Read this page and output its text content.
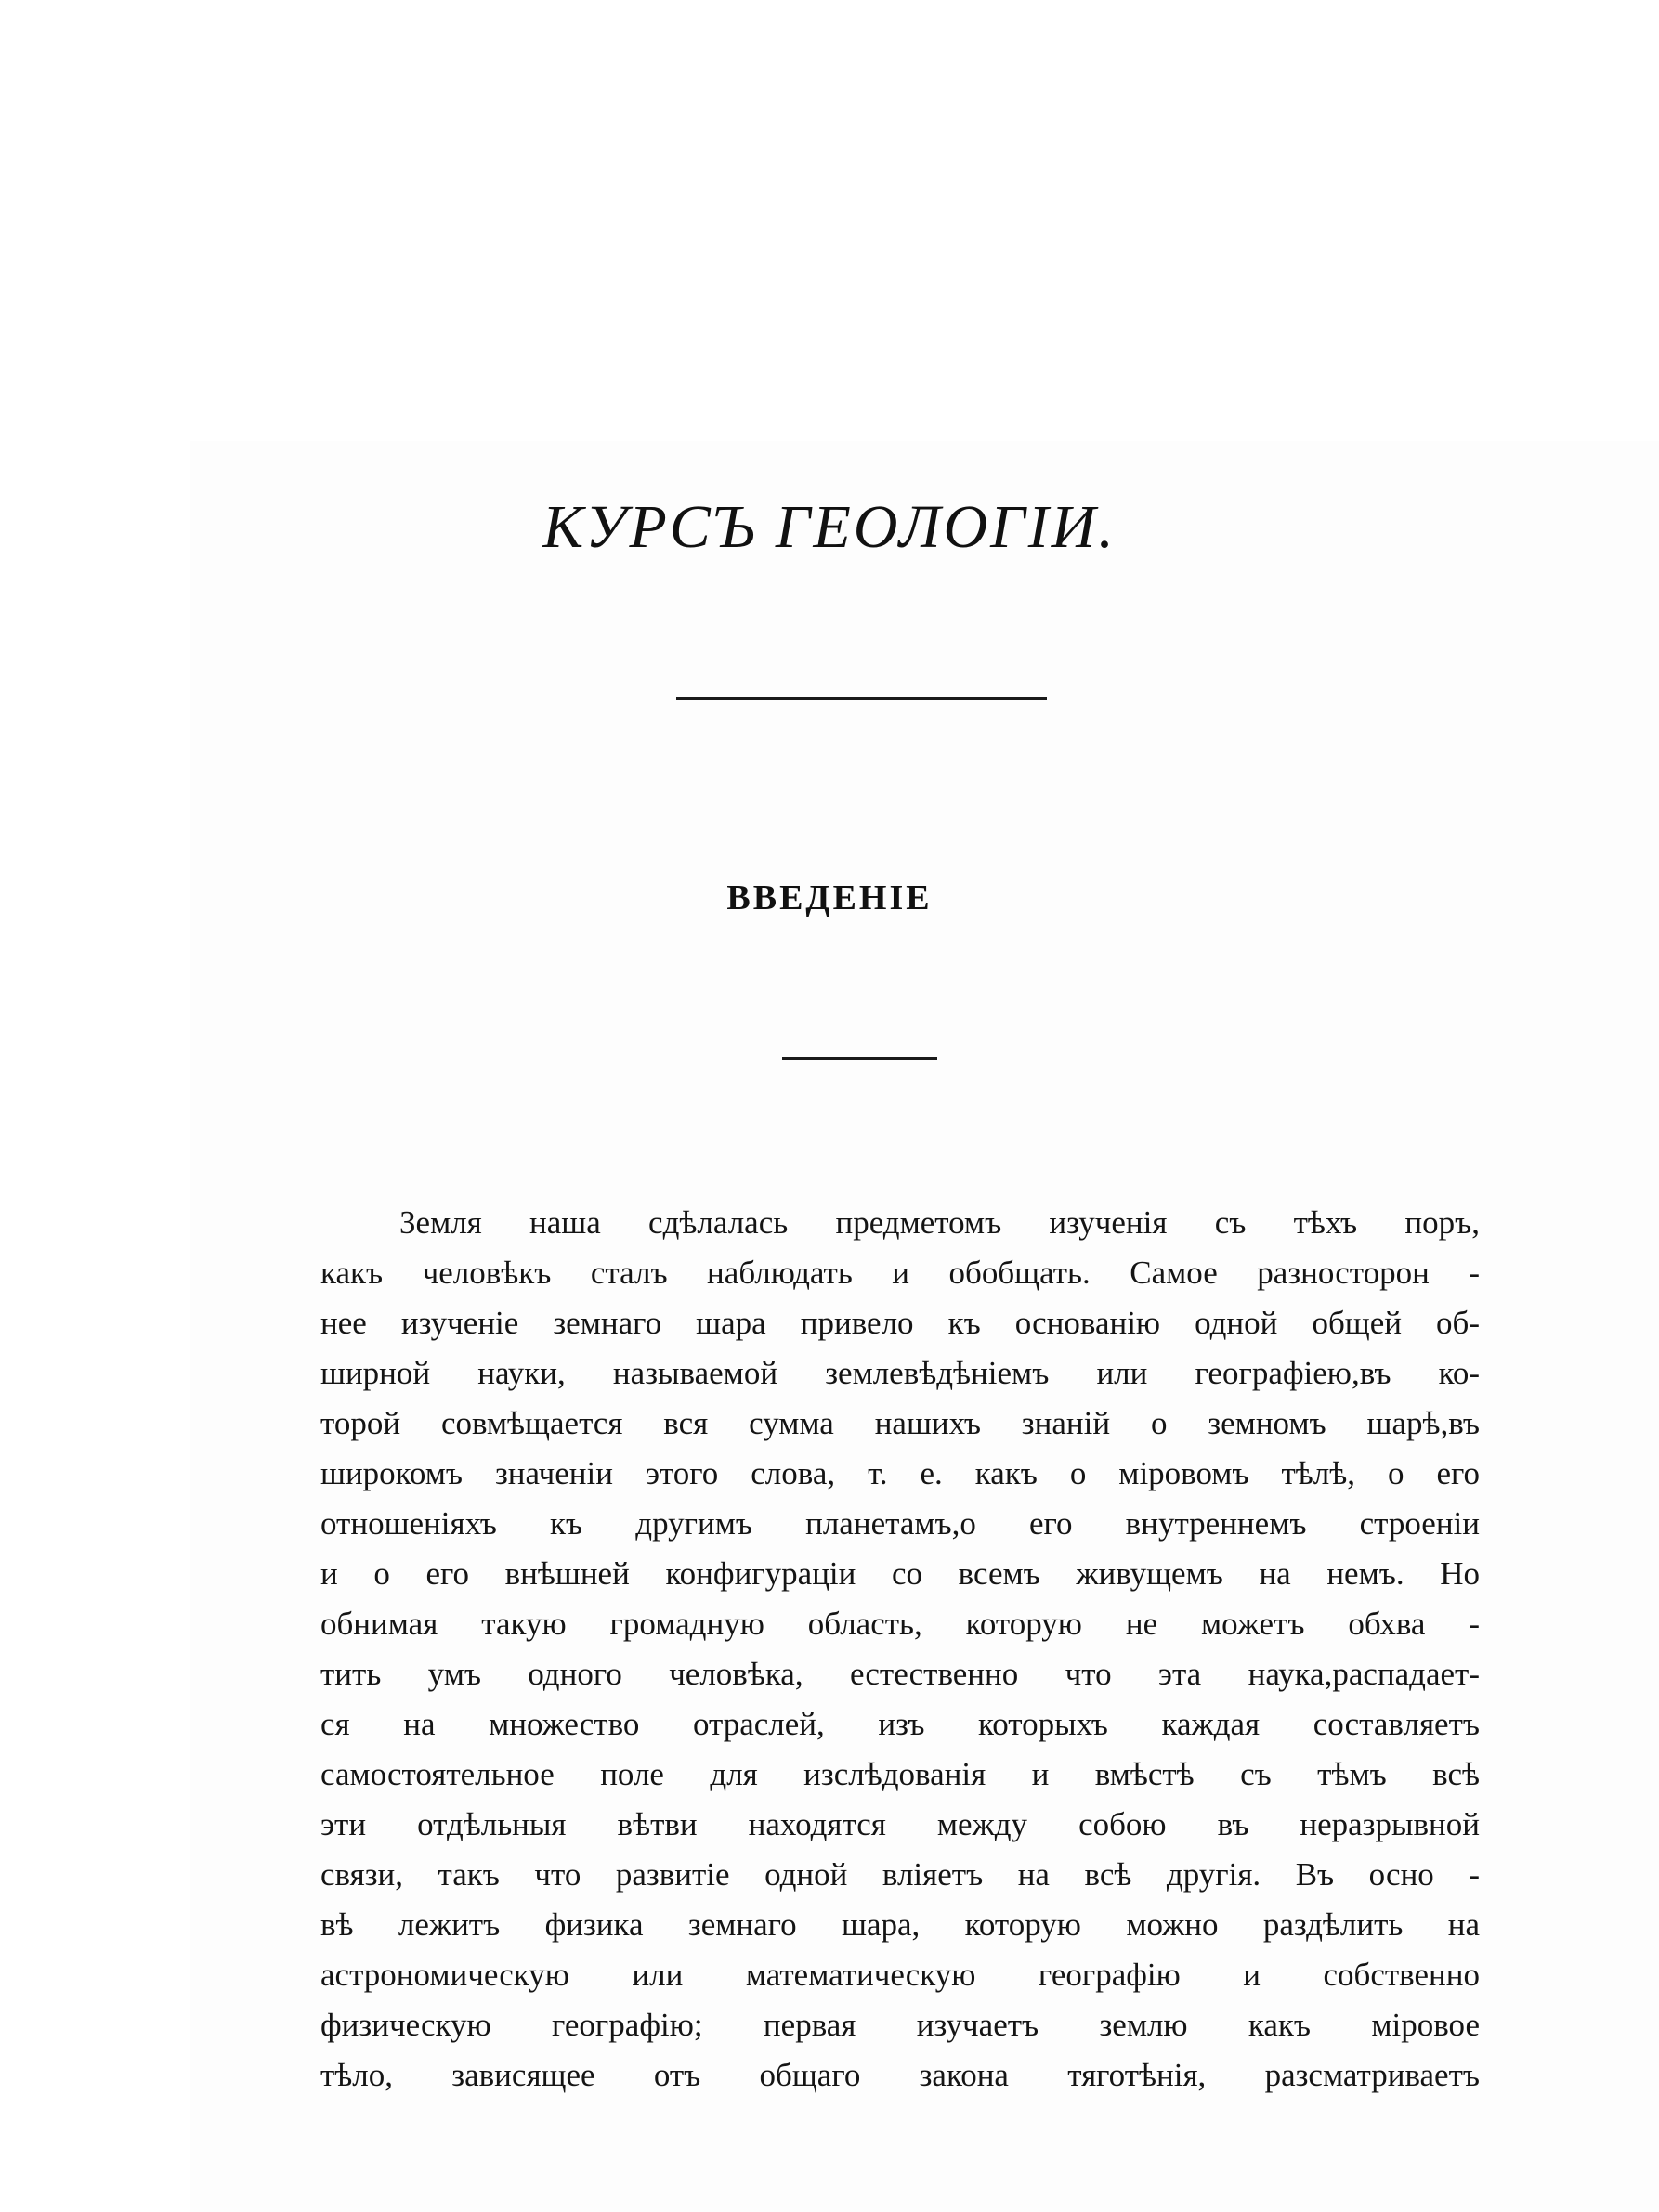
КУРСЪ ГЕОЛОГІИ.
ВВЕДЕНІЕ
Земля наша сдѣлалась предметомъ изученія съ тѣхъ поръ,
какъ человѣкъ сталъ наблюдать и обобщать. Самое разносторон -
нее изученіе земнаго шара привело къ основанію одной общей об-
ширной науки, называемой землевѣдѣніемъ или географіею,въ ко-
торой совмѣщается вся сумма нашихъ знаній о земномъ шарѣ,въ
широкомъ значеніи этого слова, т. е. какъ о міровомъ тѣлѣ, о его
отношеніяхъ къ другимъ планетамъ,о его внутреннемъ строеніи
и о его внѣшней конфигураціи со всемъ живущемъ на немъ. Но
обнимая такую громадную область, которую не можетъ обхва -
тить умъ одного человѣка, естественно что эта наука,распадает-
ся на множество отраслей, изъ которыхъ каждая составляетъ
самостоятельное поле для изслѣдованія и вмѣстѣ съ тѣмъ всѣ
эти отдѣльныя вѣтви находятся между собою въ неразрывной
связи, такъ что развитіе одной вліяетъ на всѣ другія. Въ осно -
вѣ лежитъ физика земнаго шара, которую можно раздѣлить на
астрономическую или математическую географію и собственно
физическую географію; первая изучаетъ землю какъ міровое
тѣло, зависящее отъ общаго закона тяготѣнія, разсматриваетъ
